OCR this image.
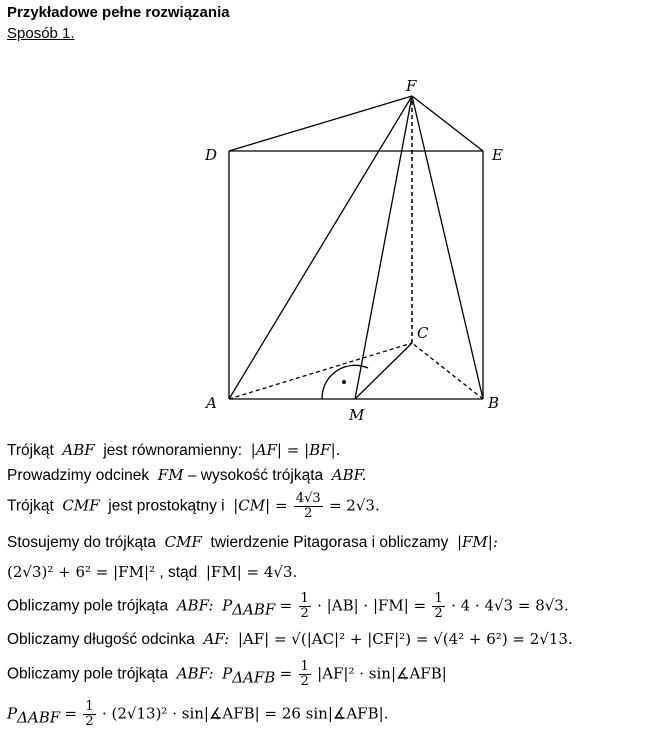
Przykładowe pełne rozwiązania
Sposób 1.
F
D	E
C
A
M
B
Trójkąt ABF jest równoramienny: |AF| = |BF|.
Prowadzimy odcinek FM – wysokość trójkąta ABF.
Trójkąt CMF jest prostokątny i $|CM| = \frac{4√3}{2} = 2√3$.
Stosujemy do trójkąta CMF twierdzenie Pitagorasa i obliczamy |FM|:
(2√3)² + 6² = |FM|² , stąd |FM| = 4√3.
Obliczamy pole trójkąta ABF: $P_{\Delta ABF} = \frac{1}{2} \cdot |AB| \cdot |FM| = \frac{1}{2} \cdot 4 \cdot 4√3 = 8√3$.
Obliczamy długość odcinka AF: |AF| = √(|AC|² + |CF|²) = √(4² + 6²) = 2√13.
Obliczamy pole trójkąta ABF: $P_{\Delta AFB} = \frac{1}{2} |AF|^2$ · sin|∡AFB|
$P_{\Delta ABF} = \frac{1}{2} \cdot (2√13)^2$ · sin|∡AFB| = 26 sin|∡AFB|.
